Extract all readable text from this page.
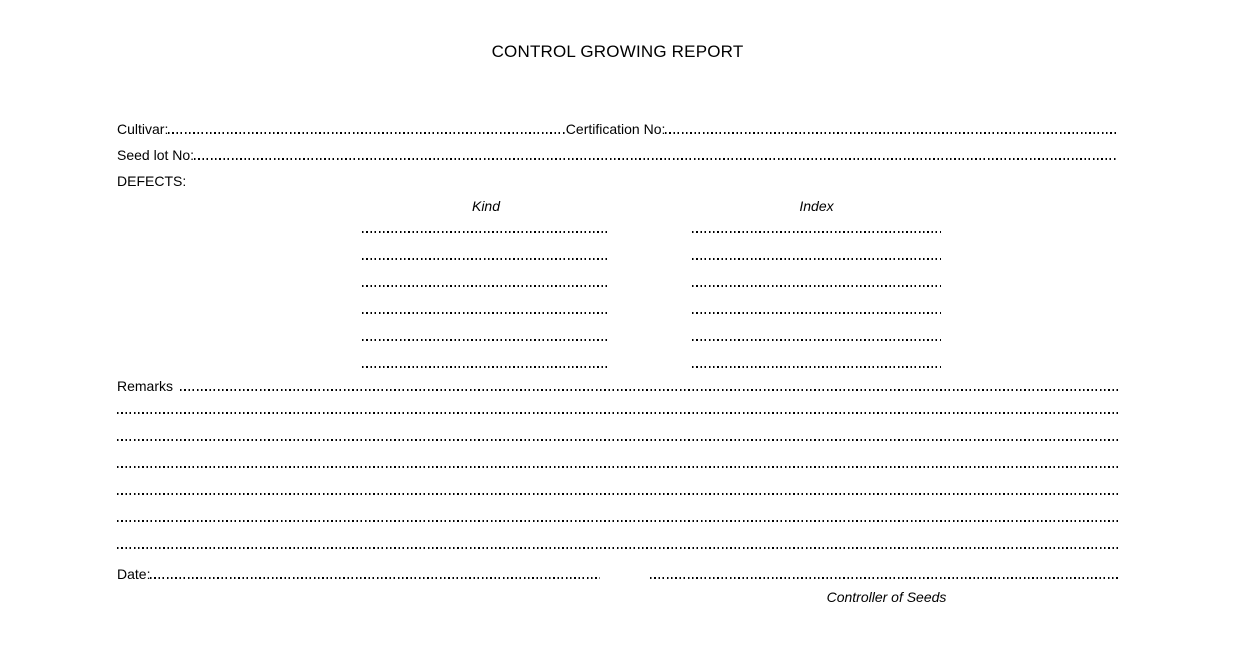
CONTROL GROWING REPORT
Cultivar:	Certification No:
Seed lot No:
DEFECTS:
Kind	Index
Remarks
Date:
Controller of Seeds
